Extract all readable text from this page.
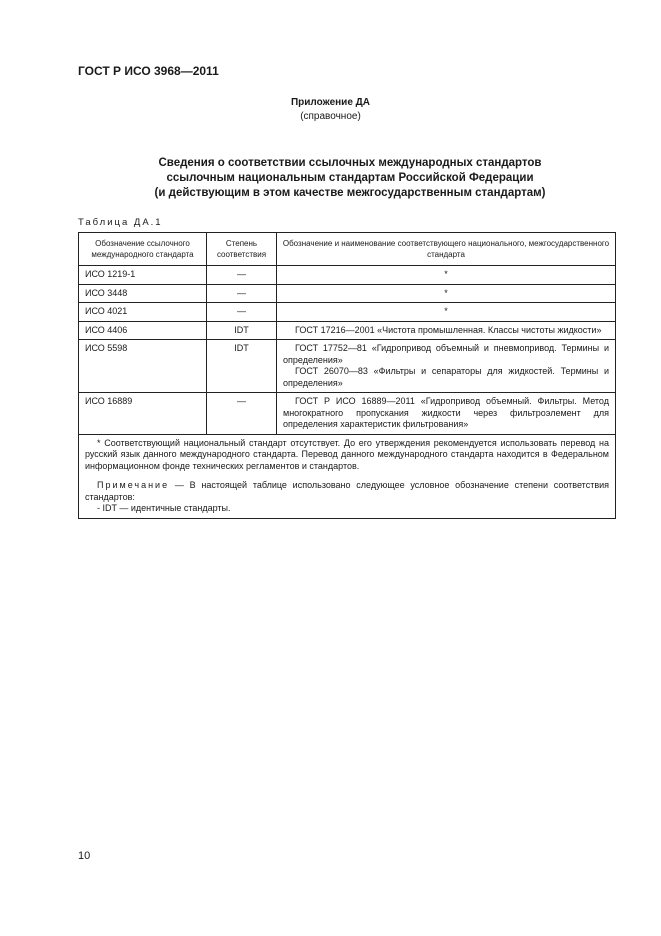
ГОСТ Р ИСО 3968—2011
Приложение ДА
(справочное)
Сведения о соответствии ссылочных международных стандартов
ссылочным национальным стандартам Российской Федерации
(и действующим в этом качестве межгосударственным стандартам)
Таблица ДА.1
Обозначение ссылочного международного стандарта	Степень соответствия	Обозначение и наименование соответствующего национального, межгосударственного стандарта
ИСО 1219-1	—	*
ИСО 3448	—	*
ИСО 4021	—	*
ИСО 4406	IDT	ГОСТ 17216—2001 «Чистота промышленная. Классы чистоты жидкости»

ИСО 5598	IDT	ГОСТ 17752—81 «Гидропривод объемный и пневмопривод. Термины и определения»
ГОСТ 26070—83 «Фильтры и сепараторы для жидкостей. Термины и определения»

ИСО 16889	—	ГОСТ Р ИСО 16889—2011 «Гидропривод объемный. Фильтры. Метод многократного пропускания жидкости через фильтроэлемент для определения характеристик фильтрования»

* Соответствующий национальный стандарт отсутствует. До его утверждения рекомендуется использовать перевод на русский язык данного международного стандарта. Перевод данного международного стандарта находится в Федеральном информационном фонде технических регламентов и стандартов.
Примечание — В настоящей таблице использовано следующее условное обозначение степени соответствия стандартов:
- IDT — идентичные стандарты.		
10
